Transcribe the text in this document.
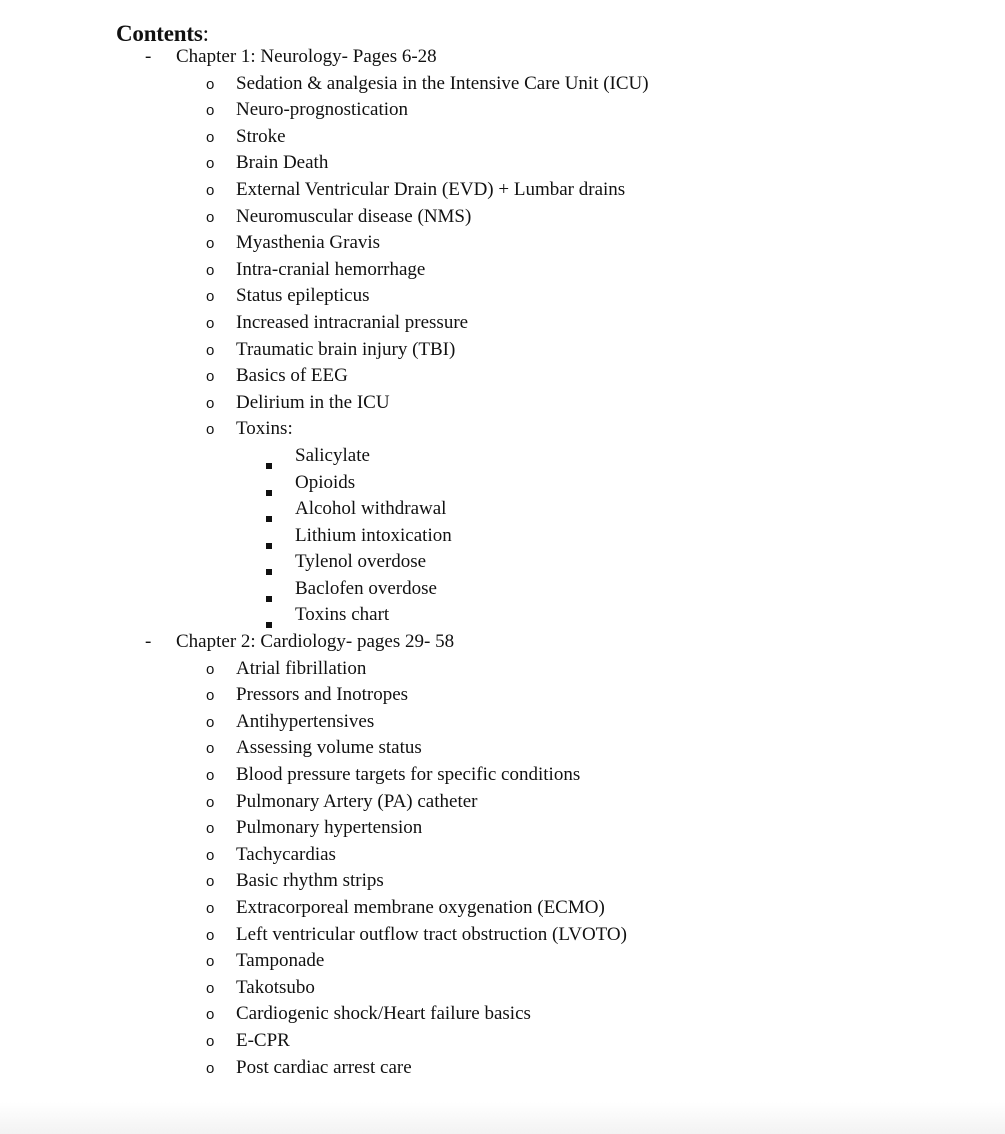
Contents:
- Chapter 1: Neurology- Pages 6-28
o Sedation & analgesia in the Intensive Care Unit (ICU)
o Neuro-prognostication
o Stroke
o Brain Death
o External Ventricular Drain (EVD) + Lumbar drains
o Neuromuscular disease (NMS)
o Myasthenia Gravis
o Intra-cranial hemorrhage
o Status epilepticus
o Increased intracranial pressure
o Traumatic brain injury (TBI)
o Basics of EEG
o Delirium in the ICU
o Toxins:
Salicylate
Opioids
Alcohol withdrawal
Lithium intoxication
Tylenol overdose
Baclofen overdose
Toxins chart
- Chapter 2: Cardiology- pages 29- 58
o Atrial fibrillation
o Pressors and Inotropes
o Antihypertensives
o Assessing volume status
o Blood pressure targets for specific conditions
o Pulmonary Artery (PA) catheter
o Pulmonary hypertension
o Tachycardias
o Basic rhythm strips
o Extracorporeal membrane oxygenation (ECMO)
o Left ventricular outflow tract obstruction (LVOTO)
o Tamponade
o Takotsubo
o Cardiogenic shock/Heart failure basics
o E-CPR
o Post cardiac arrest care
